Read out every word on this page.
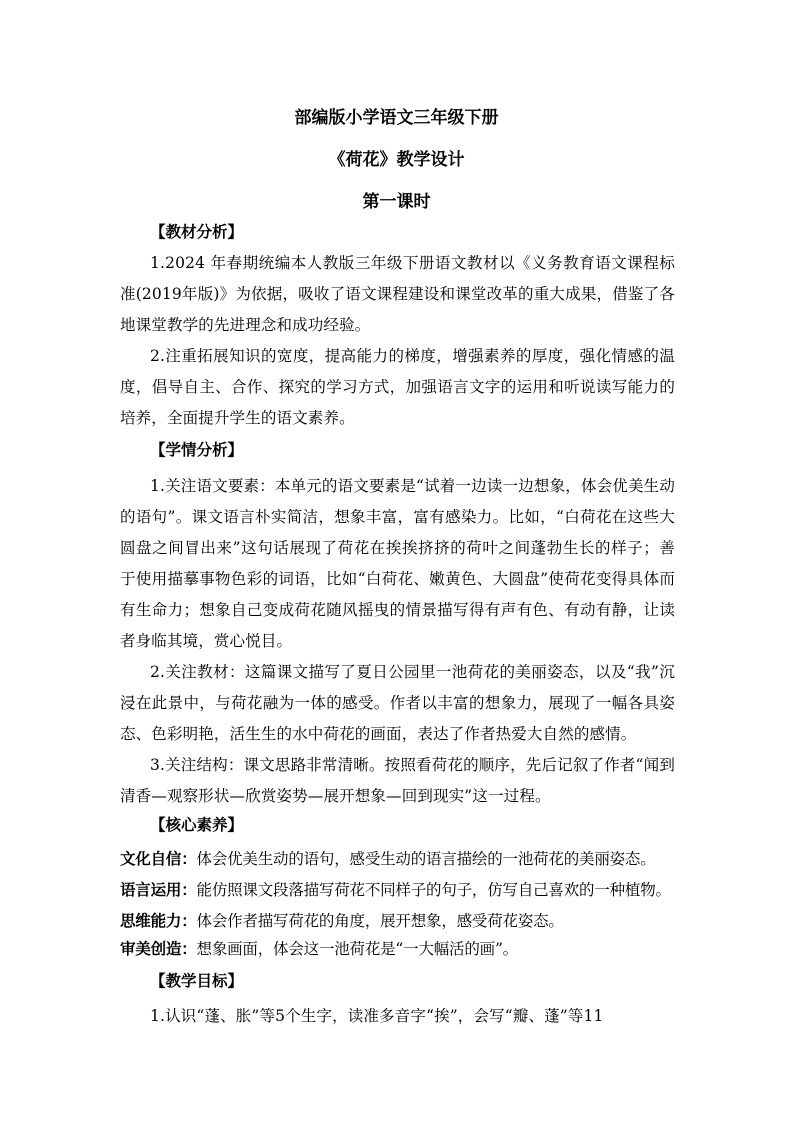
部编版小学语文三年级下册
《荷花》教学设计
第一课时
【教材分析】
1.2024 年春期统编本人教版三年级下册语文教材以《义务教育语文课程标准(2019年版)》为依据，吸收了语文课程建设和课堂改革的重大成果，借鉴了各地课堂教学的先进理念和成功经验。
2.注重拓展知识的宽度，提高能力的梯度，增强素养的厚度，强化情感的温度，倡导自主、合作、探究的学习方式，加强语言文字的运用和听说读写能力的培养，全面提升学生的语文素养。
【学情分析】
1.关注语文要素：本单元的语文要素是“试着一边读一边想象，体会优美生动的语句”。课文语言朴实简洁，想象丰富，富有感染力。比如，“白荷花在这些大圆盘之间冒出来”这句话展现了荷花在挨挨挤挤的荷叶之间蓬勃生长的样子；善于使用描摹事物色彩的词语，比如“白荷花、嫩黄色、大圆盘”使荷花变得具体而有生命力；想象自己变成荷花随风摇曳的情景描写得有声有色、有动有静，让读者身临其境，赏心悦目。
2.关注教材：这篇课文描写了夏日公园里一池荷花的美丽姿态，以及“我”沉浸在此景中，与荷花融为一体的感受。作者以丰富的想象力，展现了一幅各具姿态、色彩明艳，活生生的水中荷花的画面，表达了作者热爱大自然的感情。
3.关注结构：课文思路非常清晰。按照看荷花的顺序，先后记叙了作者“闻到清香—观察形状—欣赏姿势—展开想象—回到现实”这一过程。
【核心素养】
文化自信：体会优美生动的语句，感受生动的语言描绘的一池荷花的美丽姿态。
语言运用：能仿照课文段落描写荷花不同样子的句子，仿写自己喜欢的一种植物。
思维能力：体会作者描写荷花的角度，展开想象，感受荷花姿态。
审美创造：想象画面，体会这一池荷花是“一大幅活的画”。
【教学目标】
1.认识“蓬、胀”等5个生字，读准多音字“挨”，会写“瓣、蓬”等11
